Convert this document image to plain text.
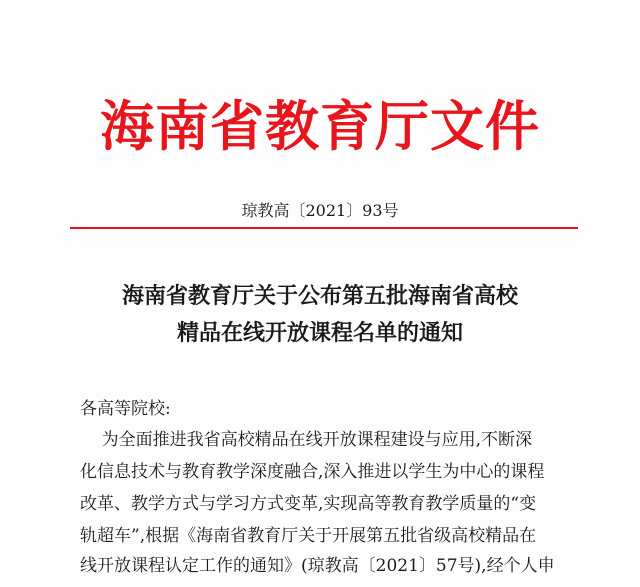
海南省教育厅文件
琼教高〔2021〕93号
海南省教育厅关于公布第五批海南省高校
精品在线开放课程名单的通知
各高等院校:
为全面推进我省高校精品在线开放课程建设与应用,不断深
化信息技术与教育教学深度融合,深入推进以学生为中心的课程
改革、教学方式与学习方式变革,实现高等教育教学质量的“变
轨超车”,根据《海南省教育厅关于开展第五批省级高校精品在
线开放课程认定工作的通知》(琼教高〔2021〕57号),经个人申
